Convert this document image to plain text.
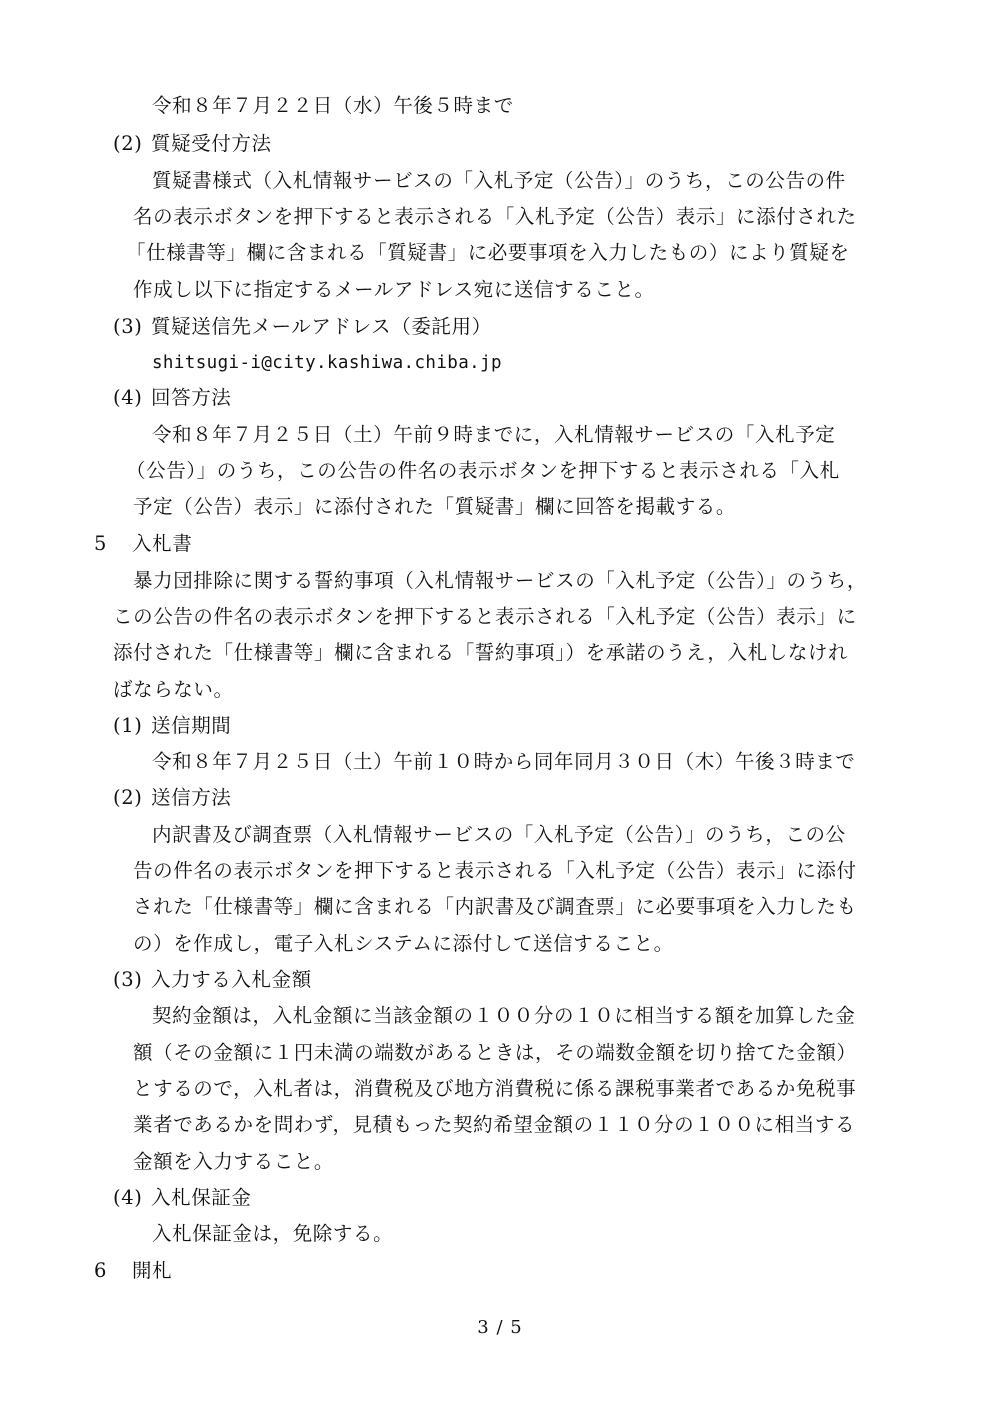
令和８年７月２２日（水）午後５時まで
(2) 質疑受付方法
質疑書様式（入札情報サービスの「入札予定（公告）」のうち，この公告の件
名の表示ボタンを押下すると表示される「入札予定（公告）表示」に添付された
「仕様書等」欄に含まれる「質疑書」に必要事項を入力したもの）により質疑を
作成し以下に指定するメールアドレス宛に送信すること。
(3) 質疑送信先メールアドレス（委託用）
shitsugi-i@city.kashiwa.chiba.jp
(4) 回答方法
令和８年７月２５日（土）午前９時までに，入札情報サービスの「入札予定
（公告）」のうち，この公告の件名の表示ボタンを押下すると表示される「入札
予定（公告）表示」に添付された「質疑書」欄に回答を掲載する。
5 入札書
暴力団排除に関する誓約事項（入札情報サービスの「入札予定（公告）」のうち，
この公告の件名の表示ボタンを押下すると表示される「入札予定（公告）表示」に
添付された「仕様書等」欄に含まれる「誓約事項」）を承諾のうえ，入札しなけれ
ばならない。
(1) 送信期間
令和８年７月２５日（土）午前１０時から同年同月３０日（木）午後３時まで
(2) 送信方法
内訳書及び調査票（入札情報サービスの「入札予定（公告）」のうち，この公
告の件名の表示ボタンを押下すると表示される「入札予定（公告）表示」に添付
された「仕様書等」欄に含まれる「内訳書及び調査票」に必要事項を入力したも
の）を作成し，電子入札システムに添付して送信すること。
(3) 入力する入札金額
契約金額は，入札金額に当該金額の１００分の１０に相当する額を加算した金
額（その金額に１円未満の端数があるときは，その端数金額を切り捨てた金額）
とするので，入札者は，消費税及び地方消費税に係る課税事業者であるか免税事
業者であるかを問わず，見積もった契約希望金額の１１０分の１００に相当する
金額を入力すること。
(4) 入札保証金
入札保証金は，免除する。
6 開札
3 / 5
